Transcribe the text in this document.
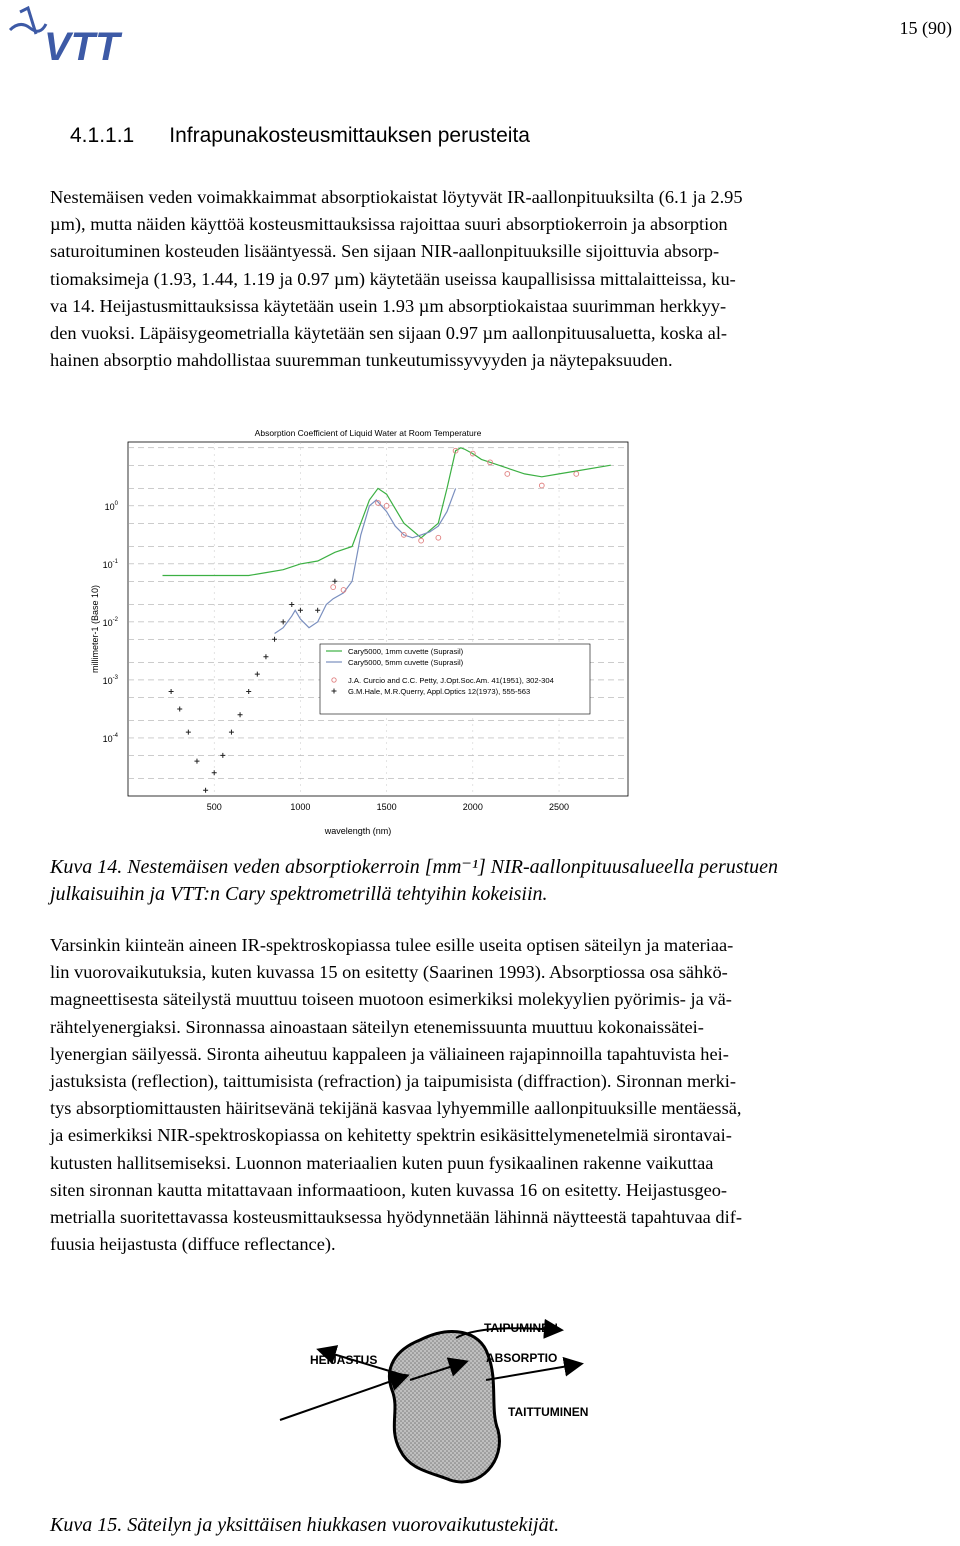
VTT	15 (90)
4.1.1.1 Infrapunakosteusmittauksen perusteita
Nestemäisen veden voimakkaimmat absorptiokaistat löytyvät IR-aallonpituuksilta (6.1 ja 2.95
µm), mutta näiden käyttöä kosteusmittauksissa rajoittaa suuri absorptiokerroin ja absorption
saturoituminen kosteuden lisääntyessä. Sen sijaan NIR-aallonpituuksille sijoittuvia absorp-
tiomaksimeja (1.93, 1.44, 1.19 ja 0.97 µm) käytetään useissa kaupallisissa mittalaitteissa, ku-
va 14. Heijastusmittauksissa käytetään usein 1.93 µm absorptiokaistaa suurimman herkkyy-
den vuoksi. Läpäisygeometrialla käytetään sen sijaan 0.97 µm aallonpituusaluetta, koska al-
hainen absorptio mahdollistaa suuremman tunkeutumissyvyyden ja näytepaksuuden.
Absorption Coefficient of Liquid Water at Room Temperature
500	1000	1500	2000	2500
$10^0$
$10^{-1}$
$10^{-2}$
$10^{-3}$
$10^{-4}$
wavelength (nm)
millimeter-1 (Base 10)	Cary5000, 1mm cuvette (Suprasil)
Cary5000, 5mm cuvette (Suprasil)
J.A. Curcio and C.C. Petty, J.Opt.Soc.Am. 41(1951), 302-304
G.M.Hale, M.R.Querry, Appl.Optics 12(1973), 555-563
Kuva 14. Nestemäisen veden absorptiokerroin [mm⁻¹] NIR-aallonpituusalueella perustuen
julkaisuihin ja VTT:n Cary spektrometrillä tehtyihin kokeisiin.
Varsinkin kiinteän aineen IR-spektroskopiassa tulee esille useita optisen säteilyn ja materiaa-
lin vuorovaikutuksia, kuten kuvassa 15 on esitetty (Saarinen 1993). Absorptiossa osa sähkö-
magneettisesta säteilystä muuttuu toiseen muotoon esimerkiksi molekyylien pyörimis- ja vä-
rähtelyenergiaksi. Sironnassa ainoastaan säteilyn etenemissuunta muuttuu kokonaissätei-
lyenergian säilyessä. Sironta aiheutuu kappaleen ja väliaineen rajapinnoilla tapahtuvista hei-
jastuksista (reflection), taittumisista (refraction) ja taipumisista (diffraction). Sironnan merki-
tys absorptiomittausten häiritsevänä tekijänä kasvaa lyhyemmille aallonpituuksille mentäessä,
ja esimerkiksi NIR-spektroskopiassa on kehitetty spektrin esikäsittelymenetelmiä sirontavai-
kutusten hallitsemiseksi. Luonnon materiaalien kuten puun fysikaalinen rakenne vaikuttaa
siten sironnan kautta mitattavaan informaatioon, kuten kuvassa 16 on esitetty. Heijastusgeo-
metrialla suoritettavassa kosteusmittauksessa hyödynnetään lähinnä näytteestä tapahtuvaa dif-
fuusia heijastusta (diffuce reflectance).
TAIPUMINEN
HEIJASTUS	ABSORPTIO
TAITTUMINEN
Kuva 15. Säteilyn ja yksittäisen hiukkasen vuorovaikutustekijät.
